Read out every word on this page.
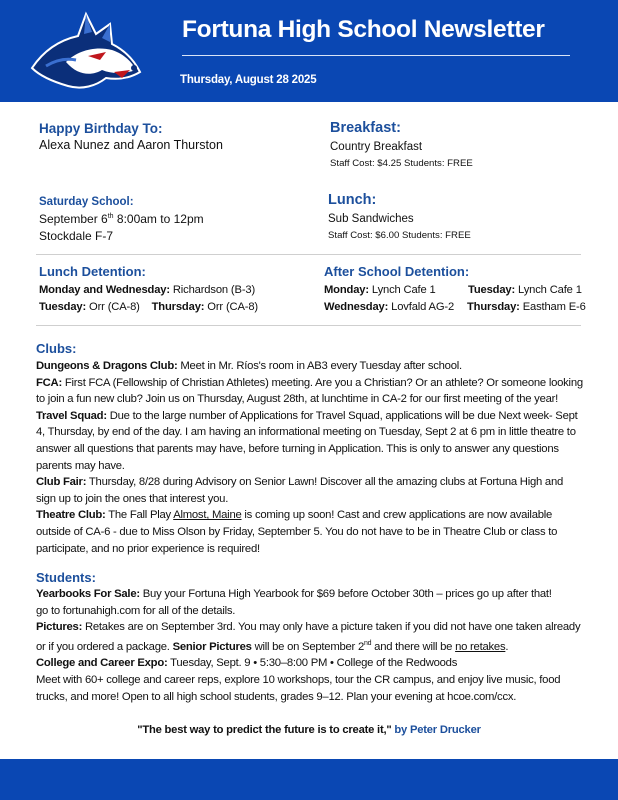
Fortuna High School Newsletter
Thursday, August 28 2025
Happy Birthday To:
Alexa Nunez and Aaron Thurston
Breakfast:
Country Breakfast
Staff Cost: $4.25 Students: FREE
Saturday School:
September 6th 8:00am to 12pm
Stockdale F-7
Lunch:
Sub Sandwiches
Staff Cost: $6.00 Students: FREE
Lunch Detention:
Monday and Wednesday: Richardson (B-3)
Tuesday: Orr (CA-8) Thursday: Orr (CA-8)
After School Detention:
Monday: Lynch Cafe 1	Tuesday: Lynch Cafe 1
Wednesday: Lovfald AG-2 Thursday: Eastham E-6
Clubs:

Dungeons & Dragons Club: Meet in Mr. Ríos's room in AB3 every Tuesday after school.

FCA: First FCA (Fellowship of Christian Athletes) meeting. Are you a Christian? Or an athlete? Or someone looking to join a fun new club? Join us on Thursday, August 28th, at lunchtime in CA-2 for our first meeting of the year!

Travel Squad: Due to the large number of Applications for Travel Squad, applications will be due Next week- Sept 4, Thursday, by end of the day. I am having an informational meeting on Tuesday, Sept 2 at 6 pm in little theatre to answer all questions that parents may have, before turning in Application. This is only to answer any questions parents may have.

Club Fair: Thursday, 8/28 during Advisory on Senior Lawn! Discover all the amazing clubs at Fortuna High and sign up to join the ones that interest you.

Theatre Club: The Fall Play Almost, Maine is coming up soon! Cast and crew applications are now available outside of CA-6 - due to Miss Olson by Friday, September 5. You do not have to be in Theatre Club or class to participate, and no prior experience is required!

Students:

Yearbooks For Sale: Buy your Fortuna High Yearbook for $69 before October 30th – prices go up after that!

go to fortunahigh.com for all of the details.

Pictures: Retakes are on September 3rd. You may only have a picture taken if you did not have one taken already or if you ordered a package. Senior Pictures will be on September 2nd and there will be no retakes.

College and Career Expo: Tuesday, Sept. 9 • 5:30–8:00 PM • College of the Redwoods

Meet with 60+ college and career reps, explore 10 workshops, tour the CR campus, and enjoy live music, food trucks, and more! Open to all high school students, grades 9–12. Plan your evening at hcoe.com/ccx.

"The best way to predict the future is to create it," by Peter Drucker
